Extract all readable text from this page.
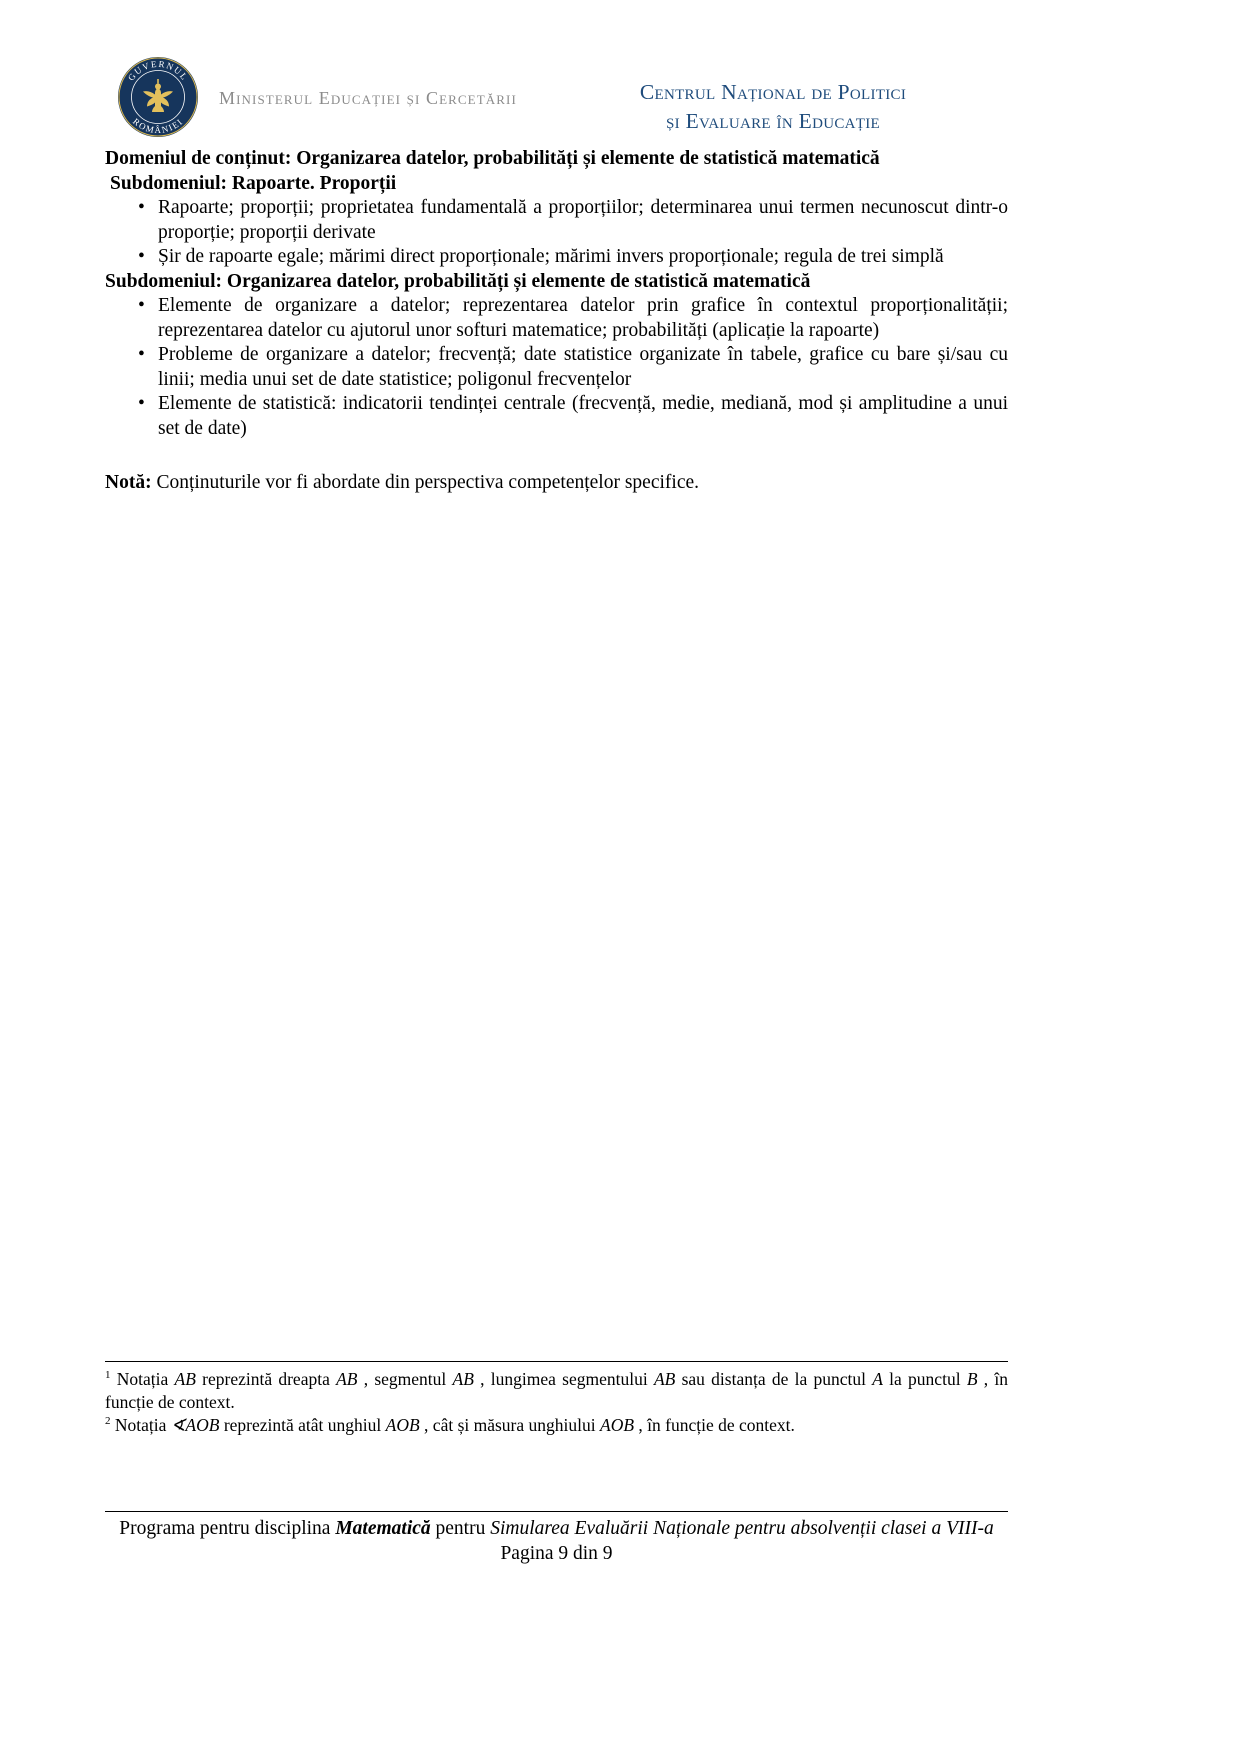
GUVERNUL
ROMÂNIEI
Ministerul Educației și Cercetării	Centrul Național de Politici
și Evaluare în Educație
Domeniul de conținut: Organizarea datelor, probabilități și elemente de statistică matematică
Subdomeniul: Rapoarte. Proporții
• Rapoarte; proporții; proprietatea fundamentală a proporțiilor; determinarea unui termen necunoscut dintr-o proporție; proporții derivate
• Șir de rapoarte egale; mărimi direct proporționale; mărimi invers proporționale; regula de trei simplă
Subdomeniul: Organizarea datelor, probabilități și elemente de statistică matematică
• Elemente de organizare a datelor; reprezentarea datelor prin grafice în contextul proporționalității; reprezentarea datelor cu ajutorul unor softuri matematice; probabilități (aplicație la rapoarte)
• Probleme de organizare a datelor; frecvență; date statistice organizate în tabele, grafice cu bare și/sau cu linii; media unui set de date statistice; poligonul frecvențelor
• Elemente de statistică: indicatorii tendinței centrale (frecvență, medie, mediană, mod și amplitudine a unui set de date)

Notă: Conținuturile vor fi abordate din perspectiva competențelor specifice.

$^1$ Notația AB reprezintă dreapta AB , segmentul AB , lungimea segmentului AB sau distanța de la punctul A la punctul B , în funcție de context.

$^2$ Notația ∢AOB reprezintă atât unghiul AOB , cât și măsura unghiului AOB , în funcție de context.

Programa pentru disciplina Matematică pentru Simularea Evaluării Naționale pentru absolvenții clasei a VIII-a

Pagina 9 din 9
